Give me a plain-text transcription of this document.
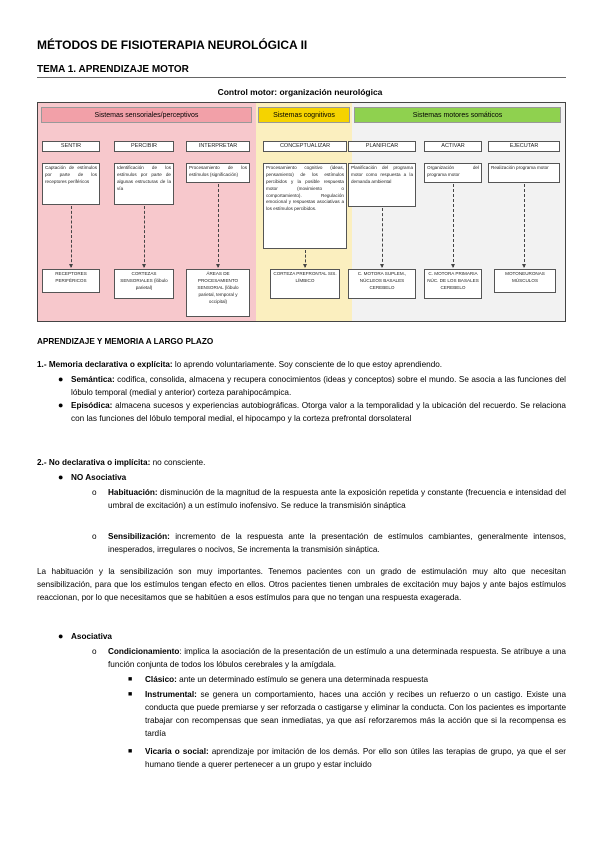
MÉTODOS DE FISIOTERAPIA NEUROLÓGICA II
TEMA 1. APRENDIZAJE MOTOR
Control motor: organización neurológica
Sistemas sensoriales/perceptivos	Sistemas cognitivos	Sistemas motores somáticos
SENTIR	PERCIBIR	INTERPRETAR	CONCEPTUALIZAR	PLANIFICAR	ACTIVAR	EJECUTAR
Captación de estímulos por parte de los receptores periféricos
Identificación de los estímulos por parte de algunas estructuras de la vía
Procesamiento de los estímulos (significación)
Procesamiento cognitivo (ideas, pensamiento) de los estímulos percibidos y la posible respuesta motor (movimiento o comportamiento). Regulación emocional y respuestas asociativas a los estímulos percibidos.
Planificación del programa motor como respuesta a la demanda ambiental
Organización del programa motor
Realización programa motor
RECEPTORES PERIFÉRICOS
CORTEZAS SENSORIALES (lóbulo parietal)
ÁREAS DE PROCESAMIENTO SENSORIAL (lóbulo parietal, temporal y occipital)
CORTEZA PREFRONTAL SIS. LÍMBICO
C. MOTORA SUPLEM., NÚCLEOS BASALES CEREBELO
C. MOTORA PRIMARIA NÚC. DE LOS BASALES CEREBELO
MOTONEURONAS MÚSCULOS
APRENDIZAJE Y MEMORIA A LARGO PLAZO
1.- Memoria declarativa o explícita: lo aprendo voluntariamente. Soy consciente de lo que estoy aprendiendo.
● Semántica: codifica, consolida, almacena y recupera conocimientos (ideas y conceptos) sobre el mundo. Se asocia a las funciones del lóbulo temporal (medial y anterior) corteza parahipocámpica.
● Episódica: almacena sucesos y experiencias autobiográficas. Otorga valor a la temporalidad y la ubicación del recuerdo. Se relaciona con las funciones del lóbulo temporal medial, el hipocampo y la corteza prefrontal dorsolateral
2.- No declarativa o implícita: no consciente.
● NO Asociativa
o Habituación: disminución de la magnitud de la respuesta ante la exposición repetida y constante (frecuencia e intensidad del umbral de excitación) a un estímulo inofensivo. Se reduce la transmisión sináptica
o Sensibilización: incremento de la respuesta ante la presentación de estímulos cambiantes, generalmente intensos, inesperados, irregulares o nocivos, Se incrementa la transmisión sináptica.
La habituación y la sensibilización son muy importantes. Tenemos pacientes con un grado de estimulación muy alto que necesitan sensibilización, para que los estímulos tengan efecto en ellos. Otros pacientes tienen umbrales de excitación muy bajos y ante bajos estímulos reaccionan, por lo que necesitamos que se habitúen a esos estímulos para que no tengan una respuesta exagerada.
● Asociativa
o Condicionamiento: implica la asociación de la presentación de un estímulo a una determinada respuesta. Se atribuye a una función conjunta de todos los lóbulos cerebrales y la amígdala.
■ Clásico: ante un determinado estímulo se genera una determinada respuesta
■ Instrumental: se genera un comportamiento, haces una acción y recibes un refuerzo o un castigo. Existe una conducta que puede premiarse y ser reforzada o castigarse y eliminar la conducta. Con los pacientes es importante trabajar con recompensas que sean inmediatas, ya que así reforzaremos más la acción que si la recompensa es tardía
■ Vicaria o social: aprendizaje por imitación de los demás. Por ello son útiles las terapias de grupo, ya que el ser humano tiende a querer pertenecer a un grupo y estar incluido
